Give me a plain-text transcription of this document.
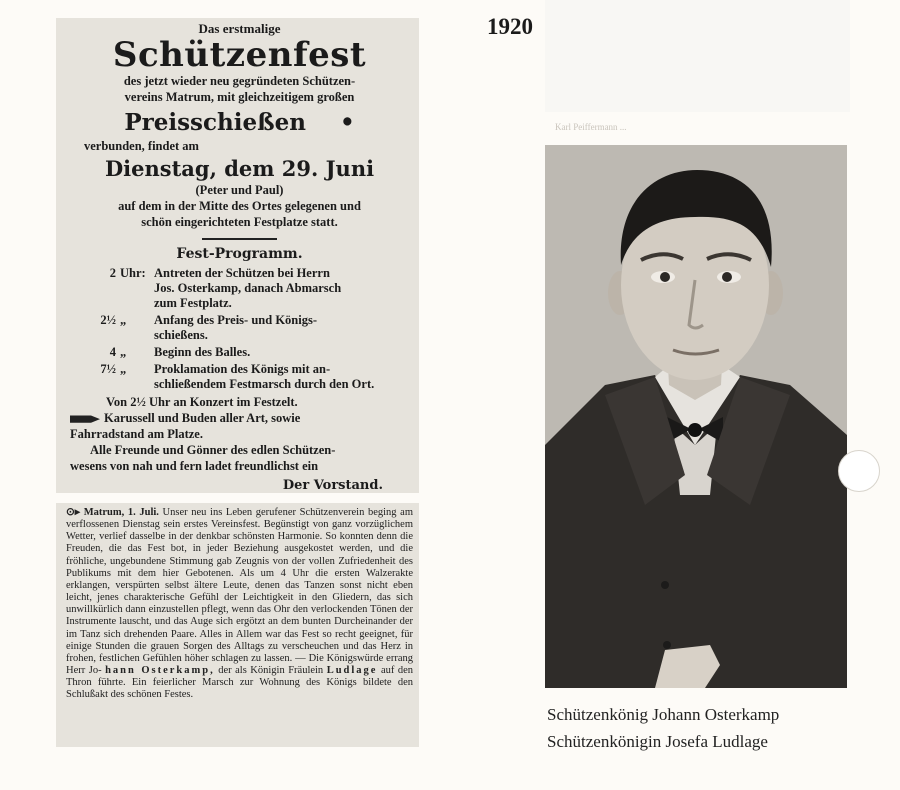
Karl Peiffermann ...
1920
Das erstmalige
Schützenfest
des jetzt wieder neu gegründeten Schützen-
vereins Matrum, mit gleichzeitigem großen
Preisschießen •
verbunden, findet am
Dienstag, dem 29. Juni
(Peter und Paul)
auf dem in der Mitte des Ortes gelegenen und
schön eingerichteten Festplatze statt.
Fest-Programm.
2 Uhr: Antreten der Schützen bei Herrn
Jos. Osterkamp, danach Abmarsch
zum Festplatz.
2½ „	Anfang des Preis- und Königs-
schießens.
4 „	Beginn des Balles.
7½ „	Proklamation des Königs mit an-
schließendem Festmarsch durch den Ort.
Von 2½ Uhr an Konzert im Festzelt.
Karussell und Buden aller Art, sowie
Fahrradstand am Platze.
Alle Freunde und Gönner des edlen Schützen-
wesens von nah und fern ladet freundlichst ein
Der Vorstand.
⊙▸ Matrum, 1. Juli. Unser neu ins Leben gerufener Schützenverein beging am verflossenen Dienstag sein erstes Vereinsfest. Begünstigt von ganz vorzüglichem Wetter, verlief dasselbe in der denkbar schönsten Harmonie. So konnten denn die Freuden, die das Fest bot, in jeder Beziehung ausgekostet werden, und die fröhliche, ungebundene Stimmung gab Zeugnis von der vollen Zufriedenheit des Publikums mit dem hier Gebotenen. Als um 4 Uhr die ersten Walzerakte erklangen, verspürten selbst ältere Leute, denen das Tanzen sonst nicht eben leicht, jenes charakterische Gefühl der Leichtigkeit in den Gliedern, das sich unwillkürlich dann einzustellen pflegt, wenn das Ohr den verlockenden Tönen der Instrumente lauscht, und das Auge sich ergötzt an dem bunten Durcheinander der im Tanz sich drehenden Paare. Alles in Allem war das Fest so recht geeignet, für einige Stunden die grauen Sorgen des Alltags zu verscheuchen und das Herz in frohen, festlichen Gefühlen höher schlagen zu lassen. — Die Königswürde errang Herr Jo- hann Osterkamp, der als Königin Fräulein Ludlage auf den Thron führte. Ein feierlicher Marsch zur Wohnung des Königs bildete den Schlußakt des schönen Festes.
Schützenkönig Johann Osterkamp
Schützenkönigin Josefa Ludlage
